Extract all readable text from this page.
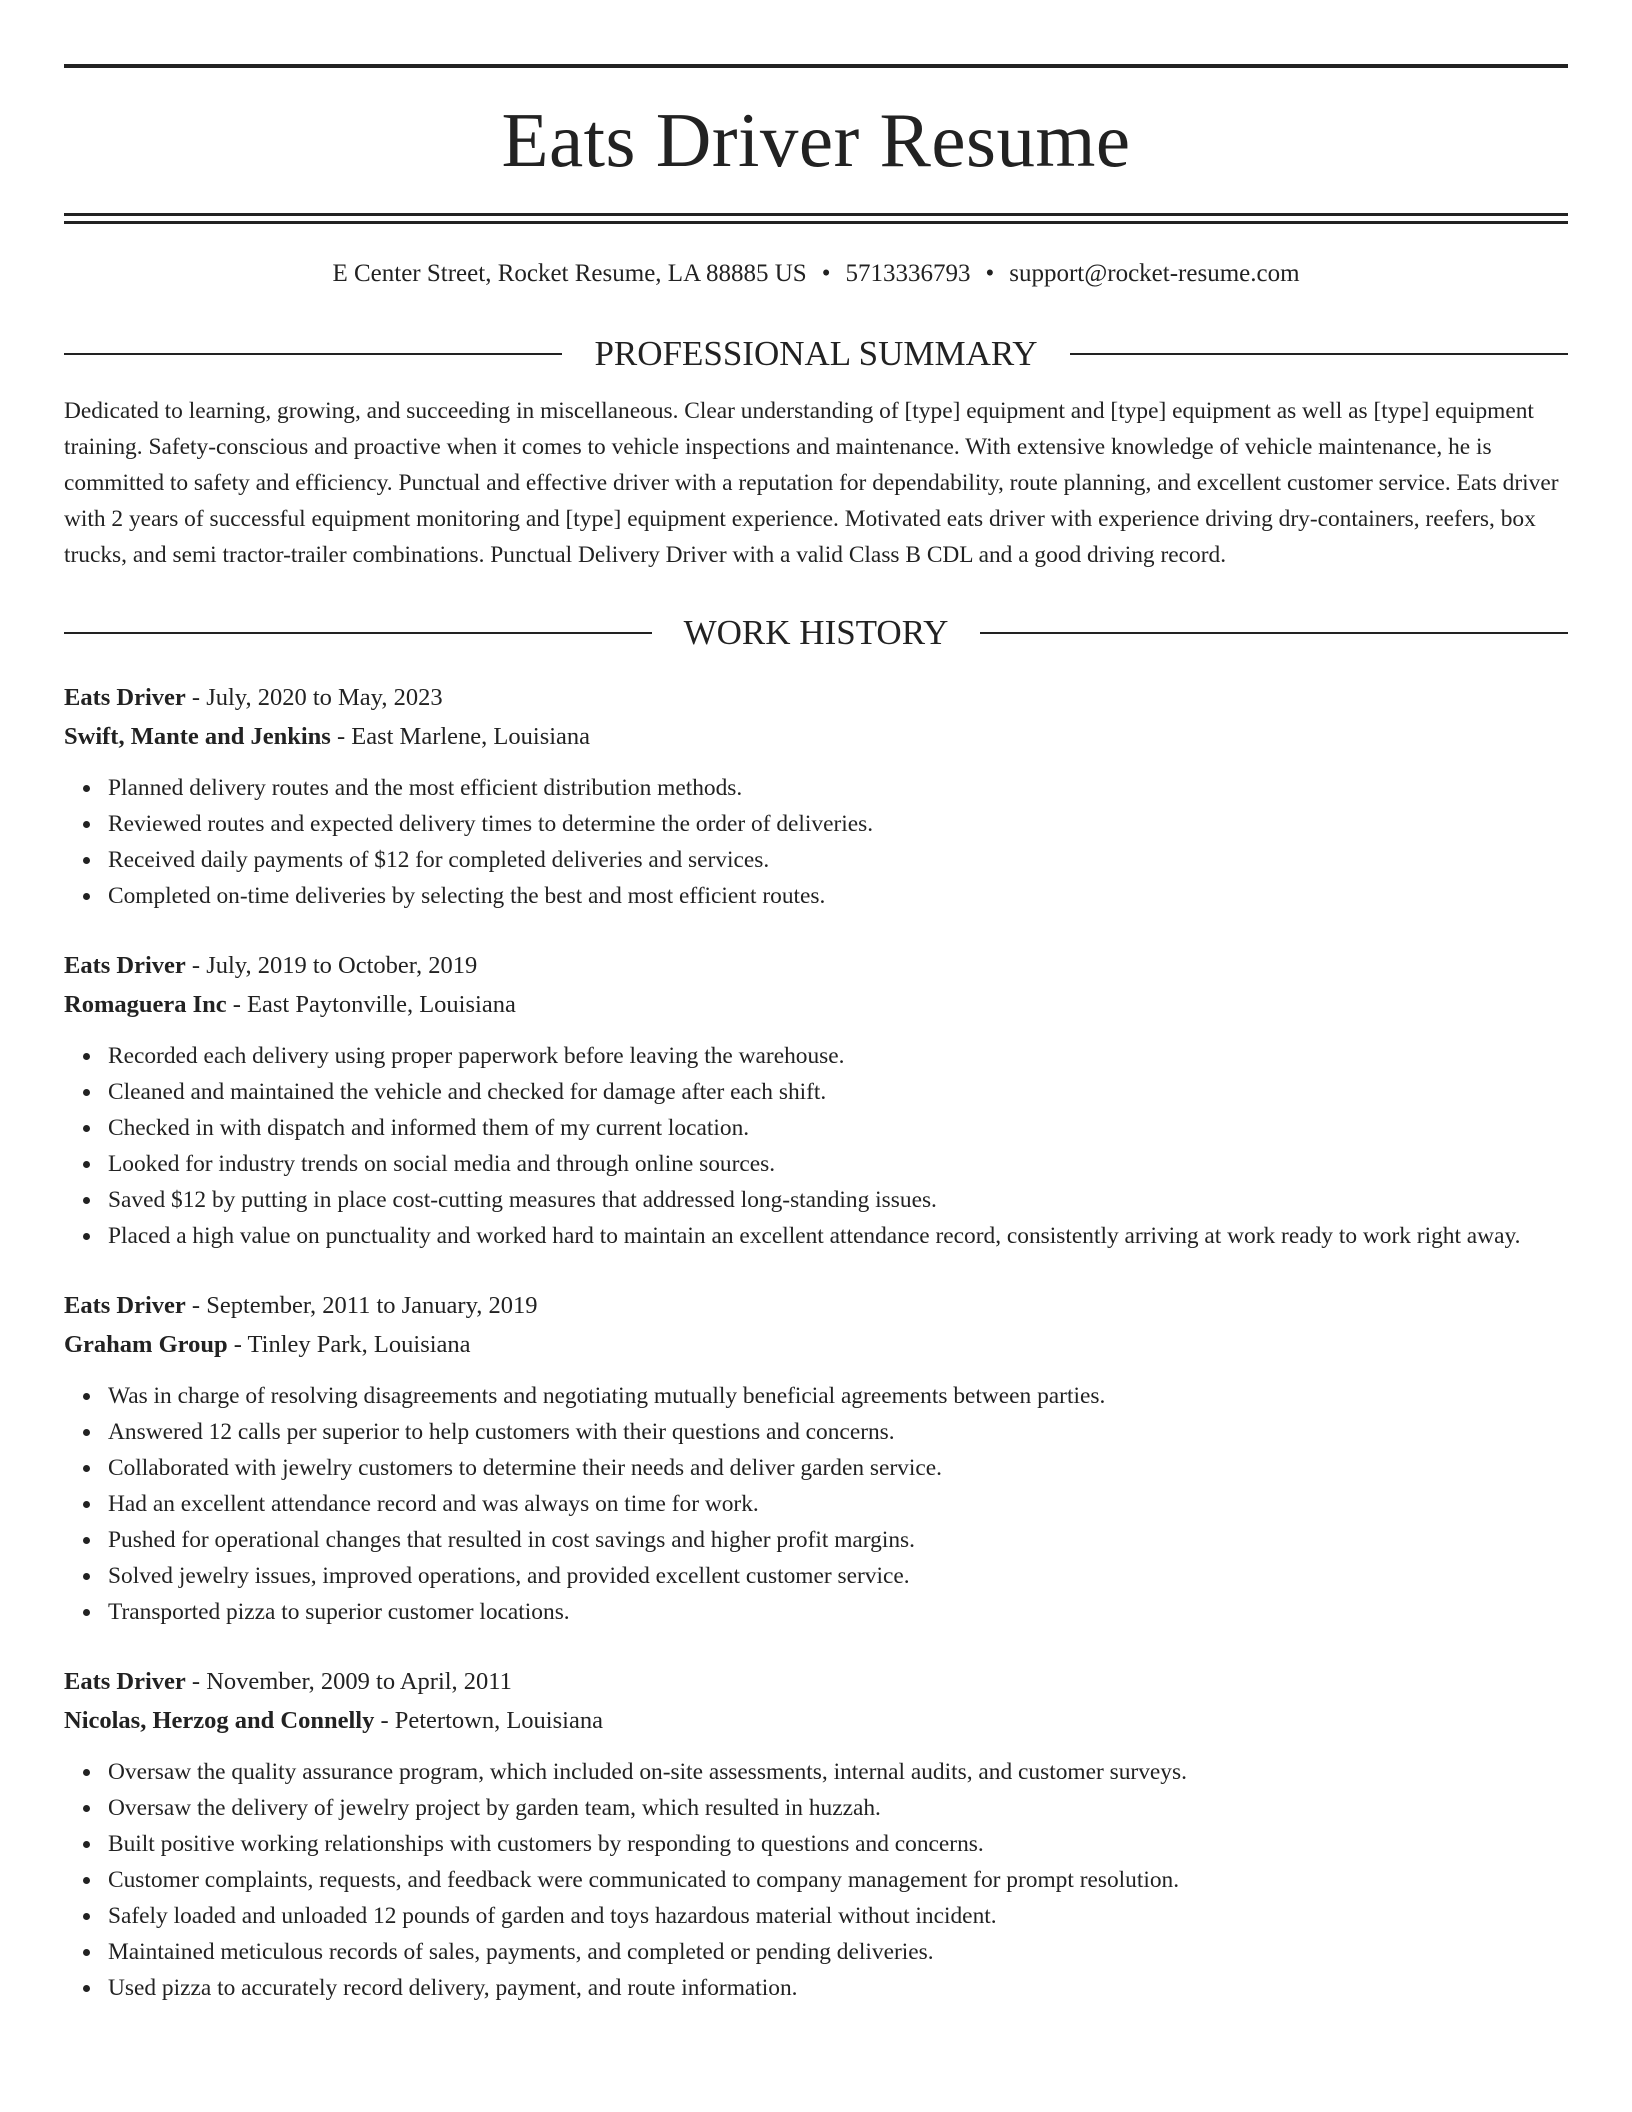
Eats Driver Resume
E Center Street, Rocket Resume, LA 88885 US • 5713336793 • support@rocket-resume.com
PROFESSIONAL SUMMARY

Dedicated to learning, growing, and succeeding in miscellaneous. Clear understanding of [type] equipment and [type] equipment as well as [type] equipment training. Safety-conscious and proactive when it comes to vehicle inspections and maintenance. With extensive knowledge of vehicle maintenance, he is committed to safety and efficiency. Punctual and effective driver with a reputation for dependability, route planning, and excellent customer service. Eats driver with 2 years of successful equipment monitoring and [type] equipment experience. Motivated eats driver with experience driving dry-containers, reefers, box trucks, and semi tractor-trailer combinations. Punctual Delivery Driver with a valid Class B CDL and a good driving record.

WORK HISTORY
Eats Driver - July, 2020 to May, 2023
Swift, Mante and Jenkins - East Marlene, Louisiana
Planned delivery routes and the most efficient distribution methods.
Reviewed routes and expected delivery times to determine the order of deliveries.
Received daily payments of $12 for completed deliveries and services.
Completed on-time deliveries by selecting the best and most efficient routes.
Eats Driver - July, 2019 to October, 2019
Romaguera Inc - East Paytonville, Louisiana
Recorded each delivery using proper paperwork before leaving the warehouse.
Cleaned and maintained the vehicle and checked for damage after each shift.
Checked in with dispatch and informed them of my current location.
Looked for industry trends on social media and through online sources.
Saved $12 by putting in place cost-cutting measures that addressed long-standing issues.
Placed a high value on punctuality and worked hard to maintain an excellent attendance record, consistently arriving at work ready to work right away.
Eats Driver - September, 2011 to January, 2019
Graham Group - Tinley Park, Louisiana
Was in charge of resolving disagreements and negotiating mutually beneficial agreements between parties.
Answered 12 calls per superior to help customers with their questions and concerns.
Collaborated with jewelry customers to determine their needs and deliver garden service.
Had an excellent attendance record and was always on time for work.
Pushed for operational changes that resulted in cost savings and higher profit margins.
Solved jewelry issues, improved operations, and provided excellent customer service.
Transported pizza to superior customer locations.
Eats Driver - November, 2009 to April, 2011
Nicolas, Herzog and Connelly - Petertown, Louisiana
Oversaw the quality assurance program, which included on-site assessments, internal audits, and customer surveys.
Oversaw the delivery of jewelry project by garden team, which resulted in huzzah.
Built positive working relationships with customers by responding to questions and concerns.
Customer complaints, requests, and feedback were communicated to company management for prompt resolution.
Safely loaded and unloaded 12 pounds of garden and toys hazardous material without incident.
Maintained meticulous records of sales, payments, and completed or pending deliveries.
Used pizza to accurately record delivery, payment, and route information.
